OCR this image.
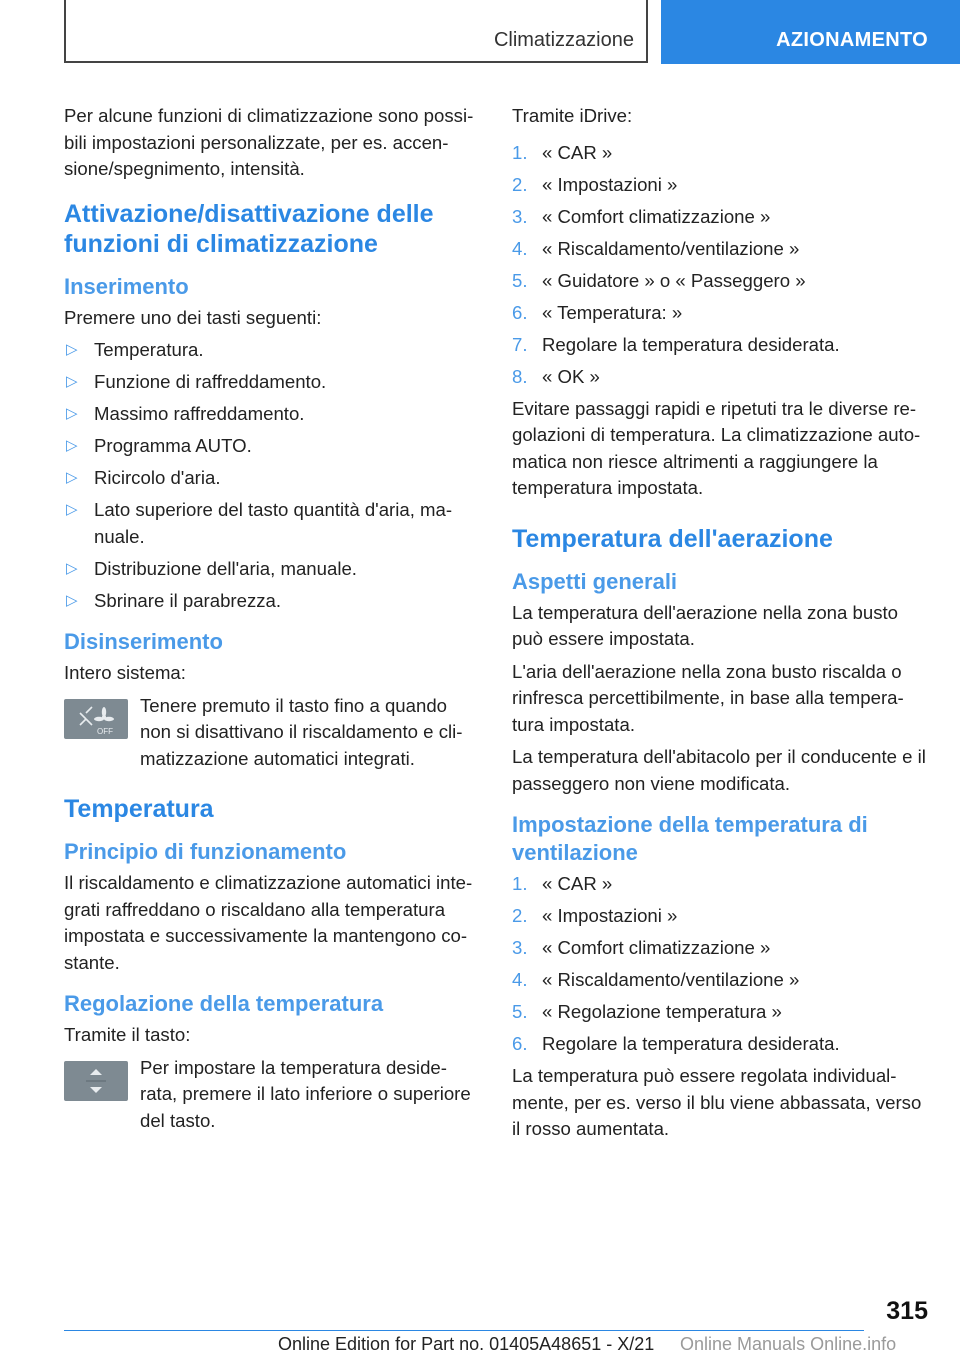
Climatizzazione	AZIONAMENTO

Per alcune funzioni di climatizzazione sono possi-bili impostazioni personalizzate, per es. accen-sione/spegnimento, intensità.

Attivazione/disattivazione delle funzioni di climatizzazione
Inserimento

Premere uno dei tasti seguenti:

▷ Temperatura.
▷ Funzione di raffreddamento.
▷ Massimo raffreddamento.
▷ Programma AUTO.
▷ Ricircolo d'aria.
▷ Lato superiore del tasto quantità d'aria, ma-nuale.
▷ Distribuzione dell'aria, manuale.
▷ Sbrinare il parabrezza.
Disinserimento

Intero sistema:

OFF

Tenere premuto il tasto fino a quando non si disattivano il riscaldamento e cli-matizzazione automatici integrati.

Temperatura
Principio di funzionamento

Il riscaldamento e climatizzazione automatici inte-grati raffreddano o riscaldano alla temperatura impostata e successivamente la mantengono co-stante.

Regolazione della temperatura

Tramite il tasto:

Per impostare la temperatura deside-rata, premere il lato inferiore o superiore del tasto.

Tramite iDrive:

1. « CAR »
2. « Impostazioni »
3. « Comfort climatizzazione »
4. « Riscaldamento/ventilazione »
5. « Guidatore » o « Passeggero »
6. « Temperatura: »
7. Regolare la temperatura desiderata.
8. « OK »

Evitare passaggi rapidi e ripetuti tra le diverse re-golazioni di temperatura. La climatizzazione auto-matica non riesce altrimenti a raggiungere la temperatura impostata.

Temperatura dell'aerazione
Aspetti generali

La temperatura dell'aerazione nella zona busto può essere impostata.

L'aria dell'aerazione nella zona busto riscalda o rinfresca percettibilmente, in base alla tempera-tura impostata.

La temperatura dell'abitacolo per il conducente e il passeggero non viene modificata.

Impostazione della temperatura di ventilazione
1. « CAR »
2. « Impostazioni »
3. « Comfort climatizzazione »
4. « Riscaldamento/ventilazione »
5. « Regolazione temperatura »
6. Regolare la temperatura desiderata.

La temperatura può essere regolata individual-mente, per es. verso il blu viene abbassata, verso il rosso aumentata.

315
Online Edition for Part no. 01405A48651 - X/21 Online Manuals Online.info
